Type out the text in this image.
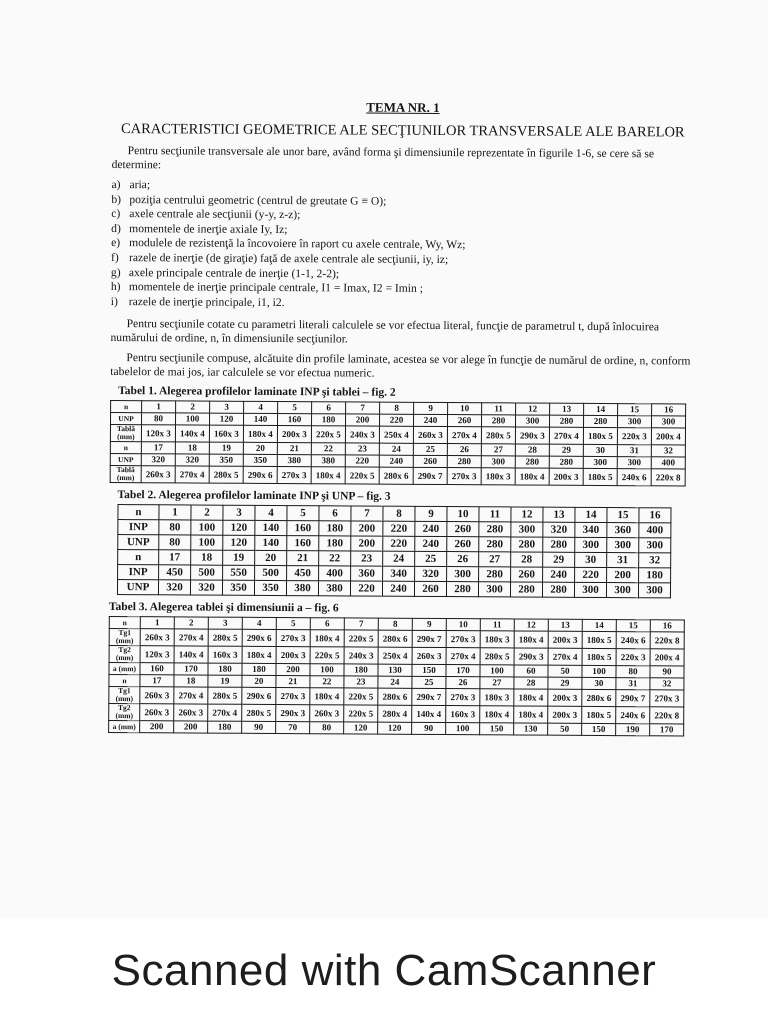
TEMA NR. 1
CARACTERISTICI GEOMETRICE ALE SECŢIUNILOR TRANSVERSALE ALE BARELOR

Pentru secţiunile transversale ale unor bare, având forma şi dimensiunile reprezentate în figurile 1-6, se cere să se determine:

a) aria;
b) poziţia centrului geometric (centrul de greutate G ≡ O);
c) axele centrale ale secţiunii (y-y, z-z);
d) momentele de inerţie axiale Iy, Iz;
e) modulele de rezistenţă la încovoiere în raport cu axele centrale, Wy, Wz;
f) razele de inerţie (de giraţie) faţă de axele centrale ale secţiunii, iy, iz;
g) axele principale centrale de inerţie (1-1, 2-2);
h) momentele de inerţie principale centrale, I1 = Imax, I2 = Imin ;
i) razele de inerţie principale, i1, i2.

Pentru secţiunile cotate cu parametri literali calculele se vor efectua literal, funcţie de parametrul t, după înlocuirea numărului de ordine, n, în dimensiunile secţiunilor.

Pentru secţiunile compuse, alcătuite din profile laminate, acestea se vor alege în funcţie de numărul de ordine, n, conform tabelelor de mai jos, iar calculele se vor efectua numeric.

Tabel 1. Alegerea profilelor laminate INP şi tablei – fig. 2
n	1	2	3	4	5	6	7	8	9	10	11	12	13	14	15	16
UNP	80	100	120	140	160	180	200	220	240	260	280	300	280	280	300	300
Tablă (mm)	120x 3	140x 4	160x 3	180x 4	200x 3	220x 5	240x 3	250x 4	260x 3	270x 4	280x 5	290x 3	270x 4	180x 5	220x 3	200x 4
n	17	18	19	20	21	22	23	24	25	26	27	28	29	30	31	32
UNP	320	320	350	350	380	380	220	240	260	280	300	280	280	300	300	400
Tablă (mm)	260x 3	270x 4	280x 5	290x 6	270x 3	180x 4	220x 5	280x 6	290x 7	270x 3	180x 3	180x 4	200x 3	180x 5	240x 6	220x 8
Tabel 2. Alegerea profilelor laminate INP şi UNP – fig. 3
n	1	2	3	4	5	6	7	8	9	10	11	12	13	14	15	16
INP	80	100	120	140	160	180	200	220	240	260	280	300	320	340	360	400
UNP	80	100	120	140	160	180	200	220	240	260	280	280	280	300	300	300
n	17	18	19	20	21	22	23	24	25	26	27	28	29	30	31	32
INP	450	500	550	500	450	400	360	340	320	300	280	260	240	220	200	180
UNP	320	320	350	350	380	380	220	240	260	280	300	280	280	300	300	300
Tabel 3. Alegerea tablei şi dimensiunii a – fig. 6
n	1	2	3	4	5	6	7	8	9	10	11	12	13	14	15	16
Tg1 (mm)	260x 3	270x 4	280x 5	290x 6	270x 3	180x 4	220x 5	280x 6	290x 7	270x 3	180x 3	180x 4	200x 3	180x 5	240x 6	220x 8
Tg2 (mm)	120x 3	140x 4	160x 3	180x 4	200x 3	220x 5	240x 3	250x 4	260x 3	270x 4	280x 5	290x 3	270x 4	180x 5	220x 3	200x 4
a (mm)	160	170	180	180	200	100	180	130	150	170	100	60	50	100	80	90
n	17	18	19	20	21	22	23	24	25	26	27	28	29	30	31	32
Tg1 (mm)	260x 3	270x 4	280x 5	290x 6	270x 3	180x 4	220x 5	280x 6	290x 7	270x 3	180x 3	180x 4	200x 3	280x 6	290x 7	270x 3
Tg2 (mm)	260x 3	260x 3	270x 4	280x 5	290x 3	260x 3	220x 5	280x 4	140x 4	160x 3	180x 4	180x 4	200x 3	180x 5	240x 6	220x 8
a (mm)	200	200	180	90	70	80	120	120	90	100	150	130	50	150	190	170
Scanned with CamScanner
